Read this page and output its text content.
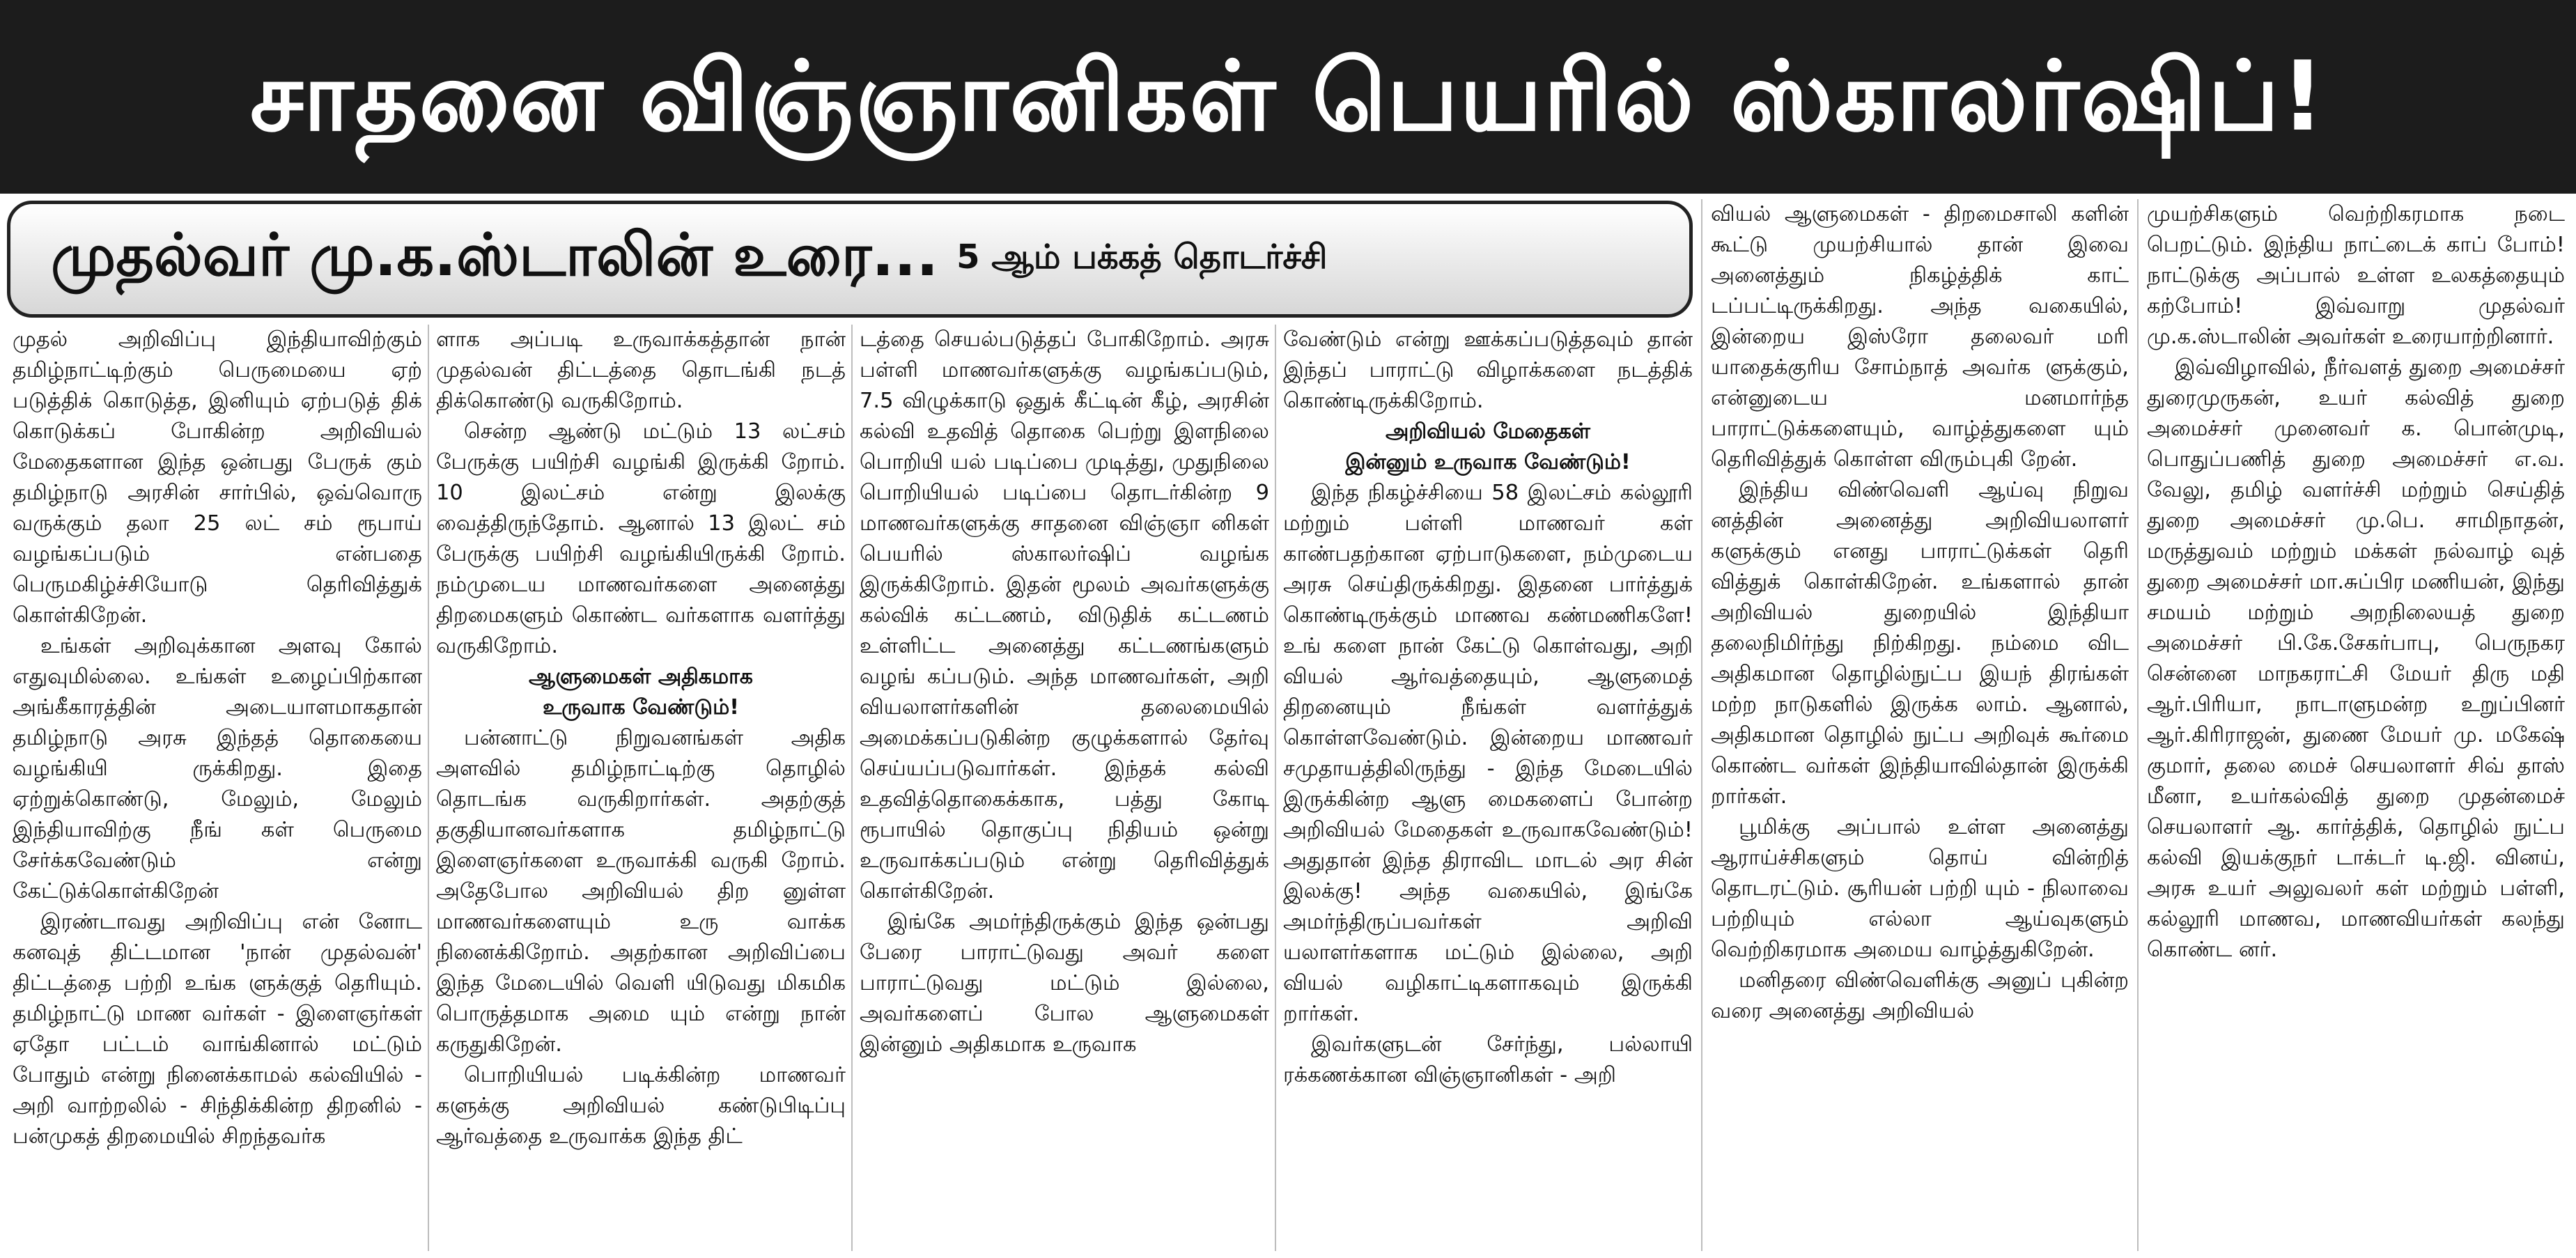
சாதனை விஞ்ஞானிகள் பெயரில் ஸ்காலர்ஷிப்!
முதல்வர் மு.க.ஸ்டாலின் உரை... 5 ஆம் பக்கத் தொடர்ச்சி

முதல் அறிவிப்பு இந்தியாவிற்கும் தமிழ்நாட்டிற்கும் பெருமையை ஏற் படுத்திக் கொடுத்த, இனியும் ஏற்படுத் திக் கொடுக்கப் போகின்ற அறிவியல் மேதைகளான இந்த ஒன்பது பேருக் கும் தமிழ்நாடு அரசின் சார்பில், ஒவ்வொரு வருக்கும் தலா 25 லட் சம் ரூபாய் வழங்கப்படும் என்பதை பெருமகிழ்ச்சியோடு தெரிவித்துக் கொள்கிறேன்.

உங்கள் அறிவுக்கான அளவு கோல் எதுவுமில்லை. உங்கள் உழைப்பிற்கான அங்கீகாரத்தின் அடையாளமாகதான் தமிழ்நாடு அரசு இந்தத் தொகையை வழங்கியி ருக்கிறது. இதை ஏற்றுக்கொண்டு, மேலும், மேலும் இந்தியாவிற்கு நீங் கள் பெருமை சேர்க்கவேண்டும் என்று கேட்டுக்கொள்கிறேன்

இரண்டாவது அறிவிப்பு என் னோட கனவுத் திட்டமான 'நான் முதல்வன்' திட்டத்தை பற்றி உங்க ளுக்குத் தெரியும். தமிழ்நாட்டு மாண வர்கள் - இளைஞர்கள் ஏதோ பட்டம் வாங்கினால் மட்டும் போதும் என்று நினைக்காமல் கல்வியில் - அறி வாற்றலில் - சிந்திக்கின்ற திறனில் - பன்முகத் திறமையில் சிறந்தவர்க

ளாக அப்படி உருவாக்கத்தான் நான் முதல்வன் திட்டத்தை தொடங்கி நடத் திக்கொண்டு வருகிறோம்.

சென்ற ஆண்டு மட்டும் 13 லட்சம் பேருக்கு பயிற்சி வழங்கி இருக்கி றோம். 10 இலட்சம் என்று இலக்கு வைத்திருந்தோம். ஆனால் 13 இலட் சம் பேருக்கு பயிற்சி வழங்கியிருக்கி றோம். நம்முடைய மாணவர்களை அனைத்து திறமைகளும் கொண்ட வர்களாக வளர்த்து வருகிறோம்.

ஆளுமைகள் அதிகமாக

உருவாக வேண்டும்!

பன்னாட்டு நிறுவனங்கள் அதிக அளவில் தமிழ்நாட்டிற்கு தொழில் தொடங்க வருகிறார்கள். அதற்குத் தகுதியானவர்களாக தமிழ்நாட்டு இளைஞர்களை உருவாக்கி வருகி றோம். அதேபோல அறிவியல் திற னுள்ள மாணவர்களையும் உரு வாக்க நினைக்கிறோம். அதற்கான அறிவிப்பை இந்த மேடையில் வெளி யிடுவது மிகமிக பொருத்தமாக அமை யும் என்று நான் கருதுகிறேன்.

பொறியியல் படிக்கின்ற மாணவர் களுக்கு அறிவியல் கண்டுபிடிப்பு ஆர்வத்தை உருவாக்க இந்த திட்

டத்தை செயல்படுத்தப் போகிறோம். அரசு பள்ளி மாணவர்களுக்கு வழங்கப்படும், 7.5 விழுக்காடு ஒதுக் கீட்டின் கீழ், அரசின் கல்வி உதவித் தொகை பெற்று இளநிலை பொறியி யல் படிப்பை முடித்து, முதுநிலை பொறியியல் படிப்பை தொடர்கின்ற 9 மாணவர்களுக்கு சாதனை விஞ்ஞா னிகள் பெயரில் ஸ்காலர்ஷிப் வழங்க இருக்கிறோம். இதன் மூலம் அவர்களுக்கு கல்விக் கட்டணம், விடுதிக் கட்டணம் உள்ளிட்ட அனைத்து கட்டணங்களும் வழங் கப்படும். அந்த மாணவர்கள், அறி வியலாளர்களின் தலைமையில் அமைக்கப்படுகின்ற குழுக்களால் தேர்வு செய்யப்படுவார்கள். இந்தக் கல்வி உதவித்தொகைக்காக, பத்து கோடி ரூபாயில் தொகுப்பு நிதியம் ஒன்று உருவாக்கப்படும் என்று தெரிவித்துக் கொள்கிறேன்.

இங்கே அமர்ந்திருக்கும் இந்த ஒன்பது பேரை பாராட்டுவது அவர் களை பாராட்டுவது மட்டும் இல்லை, அவர்களைப் போல ஆளுமைகள் இன்னும் அதிகமாக உருவாக

வேண்டும் என்று ஊக்கப்படுத்தவும் தான் இந்தப் பாராட்டு விழாக்களை நடத்திக் கொண்டிருக்கிறோம்.

அறிவியல் மேதைகள்

இன்னும் உருவாக வேண்டும்!

இந்த நிகழ்ச்சியை 58 இலட்சம் கல்லூரி மற்றும் பள்ளி மாணவர் கள் காண்பதற்கான ஏற்பாடுகளை, நம்முடைய அரசு செய்திருக்கிறது. இதனை பார்த்துக் கொண்டிருக்கும் மாணவ கண்மணிகளே! உங் களை நான் கேட்டு கொள்வது, அறி வியல் ஆர்வத்தையும், ஆளுமைத் திறனையும் நீங்கள் வளர்த்துக் கொள்ளவேண்டும். இன்றைய மாணவர் சமுதாயத்திலிருந்து - இந்த மேடையில் இருக்கின்ற ஆளு மைகளைப் போன்ற அறிவியல் மேதைகள் உருவாகவேண்டும்! அதுதான் இந்த திராவிட மாடல் அர சின் இலக்கு! அந்த வகையில், இங்கே அமர்ந்திருப்பவர்கள் அறிவி யலாளர்களாக மட்டும் இல்லை, அறி வியல் வழிகாட்டிகளாகவும் இருக்கி றார்கள்.

இவர்களுடன் சேர்ந்து, பல்லாயி ரக்கணக்கான விஞ்ஞானிகள் - அறி

வியல் ஆளுமைகள் - திறமைசாலி களின் கூட்டு முயற்சியால் தான் இவை அனைத்தும் நிகழ்த்திக் காட் டப்பட்டிருக்கிறது. அந்த வகையில், இன்றைய இஸ்ரோ தலைவர் மரி யாதைக்குரிய சோம்நாத் அவர்க ளுக்கும், என்னுடைய மனமார்ந்த பாராட்டுக்களையும், வாழ்த்துகளை யும் தெரிவித்துக் கொள்ள விரும்புகி றேன்.

இந்திய விண்வெளி ஆய்வு நிறுவ னத்தின் அனைத்து அறிவியலாளர் களுக்கும் எனது பாராட்டுக்கள் தெரி வித்துக் கொள்கிறேன். உங்களால் தான் அறிவியல் துறையில் இந்தியா தலைநிமிர்ந்து நிற்கிறது. நம்மை விட அதிகமான தொழில்நுட்ப இயந் திரங்கள் மற்ற நாடுகளில் இருக்க லாம். ஆனால், அதிகமான தொழில் நுட்ப அறிவுக் கூர்மை கொண்ட வர்கள் இந்தியாவில்தான் இருக்கி றார்கள்.

பூமிக்கு அப்பால் உள்ள அனைத்து ஆராய்ச்சிகளும் தொய் வின்றித் தொடரட்டும். சூரியன் பற்றி யும் - நிலாவை பற்றியும் எல்லா ஆய்வுகளும் வெற்றிகரமாக அமைய வாழ்த்துகிறேன்.

மனிதரை விண்வெளிக்கு அனுப் புகின்ற வரை அனைத்து அறிவியல்

முயற்சிகளும் வெற்றிகரமாக நடை பெறட்டும். இந்திய நாட்டைக் காப் போம்! நாட்டுக்கு அப்பால் உள்ள உலகத்தையும் கற்போம்! இவ்வாறு முதல்வர் மு.க.ஸ்டாலின் அவர்கள் உரையாற்றினார்.

இவ்விழாவில், நீர்வளத் துறை அமைச்சர் துரைமுருகன், உயர் கல்வித் துறை அமைச்சர் முனைவர் க. பொன்முடி, பொதுப்பணித் துறை அமைச்சர் எ.வ. வேலு, தமிழ் வளர்ச்சி மற்றும் செய்தித் துறை அமைச்சர் மு.பெ. சாமிநாதன், மருத்துவம் மற்றும் மக்கள் நல்வாழ் வுத் துறை அமைச்சர் மா.சுப்பிர மணியன், இந்து சமயம் மற்றும் அறநிலையத் துறை அமைச்சர் பி.கே.சேகர்பாபு, பெருநகர சென்னை மாநகராட்சி மேயர் திரு மதி ஆர்.பிரியா, நாடாளுமன்ற உறுப்பினர் ஆர்.கிரிராஜன், துணை மேயர் மு. மகேஷ் குமார், தலை மைச் செயலாளர் சிவ் தாஸ் மீனா, உயர்கல்வித் துறை முதன்மைச் செயலாளர் ஆ. கார்த்திக், தொழில் நுட்ப கல்வி இயக்குநர் டாக்டர் டி.ஜி. வினய், அரசு உயர் அலுவலர் கள் மற்றும் பள்ளி, கல்லூரி மாணவ, மாணவியர்கள் கலந்து கொண்ட னர்.
